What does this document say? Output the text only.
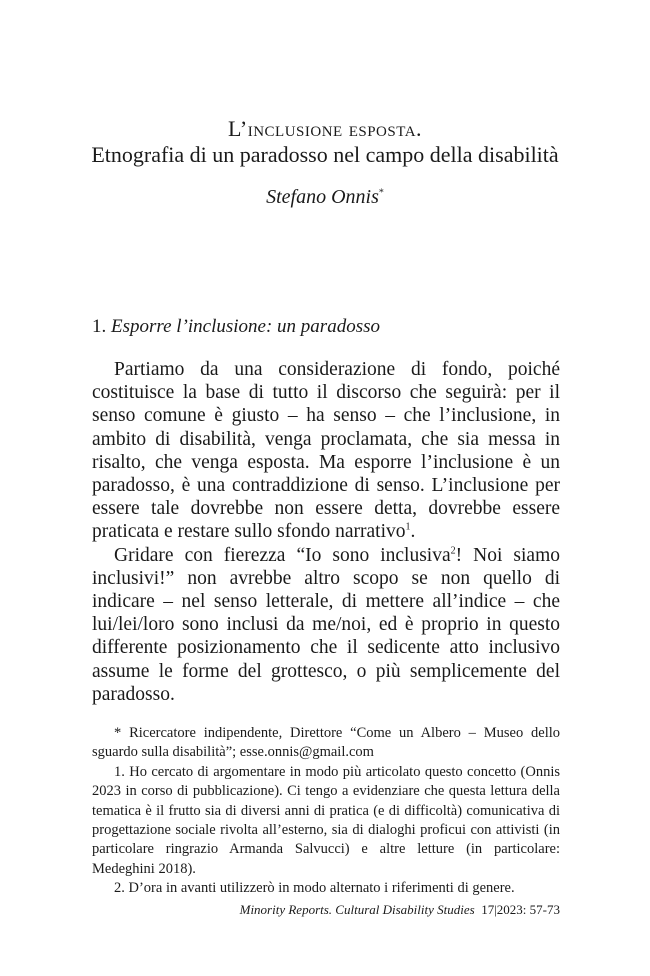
L’inclusione esposta.
Etnografia di un paradosso nel campo della disabilità
Stefano Onnis*
1. Esporre l’inclusione: un paradosso

Partiamo da una considerazione di fondo, poiché costituisce la base di tutto il discorso che seguirà: per il senso comune è giusto – ha senso – che l’inclusione, in ambito di disabilità, venga proclamata, che sia messa in risalto, che venga esposta. Ma esporre l’inclusione è un paradosso, è una contraddizione di senso. L’inclusione per essere tale dovrebbe non essere detta, dovrebbe essere praticata e restare sullo sfondo narrativo$^1$.

Gridare con fierezza “Io sono inclusiva$^2$! Noi siamo inclusivi!” non avrebbe altro scopo se non quello di indicare – nel senso letterale, di mettere all’indice – che lui/lei/loro sono inclusi da me/noi, ed è proprio in questo differente posizionamento che il sedicente atto inclusivo assume le forme del grottesco, o più semplicemente del paradosso.

* Ricercatore indipendente, Direttore “Come un Albero – Museo dello sguardo sulla disabilità”; esse.onnis@gmail.com

1. Ho cercato di argomentare in modo più articolato questo concetto (Onnis 2023 in corso di pubblicazione). Ci tengo a evidenziare che questa lettura della tematica è il frutto sia di diversi anni di pratica (e di difficoltà) comunicativa di progettazione sociale rivolta all’esterno, sia di dialoghi proficui con attivisti (in particolare ringrazio Armanda Salvucci) e altre letture (in particolare: Medeghini 2018).

2. D’ora in avanti utilizzerò in modo alternato i riferimenti di genere.

Minority Reports. Cultural Disability Studies 17|2023: 57-73
